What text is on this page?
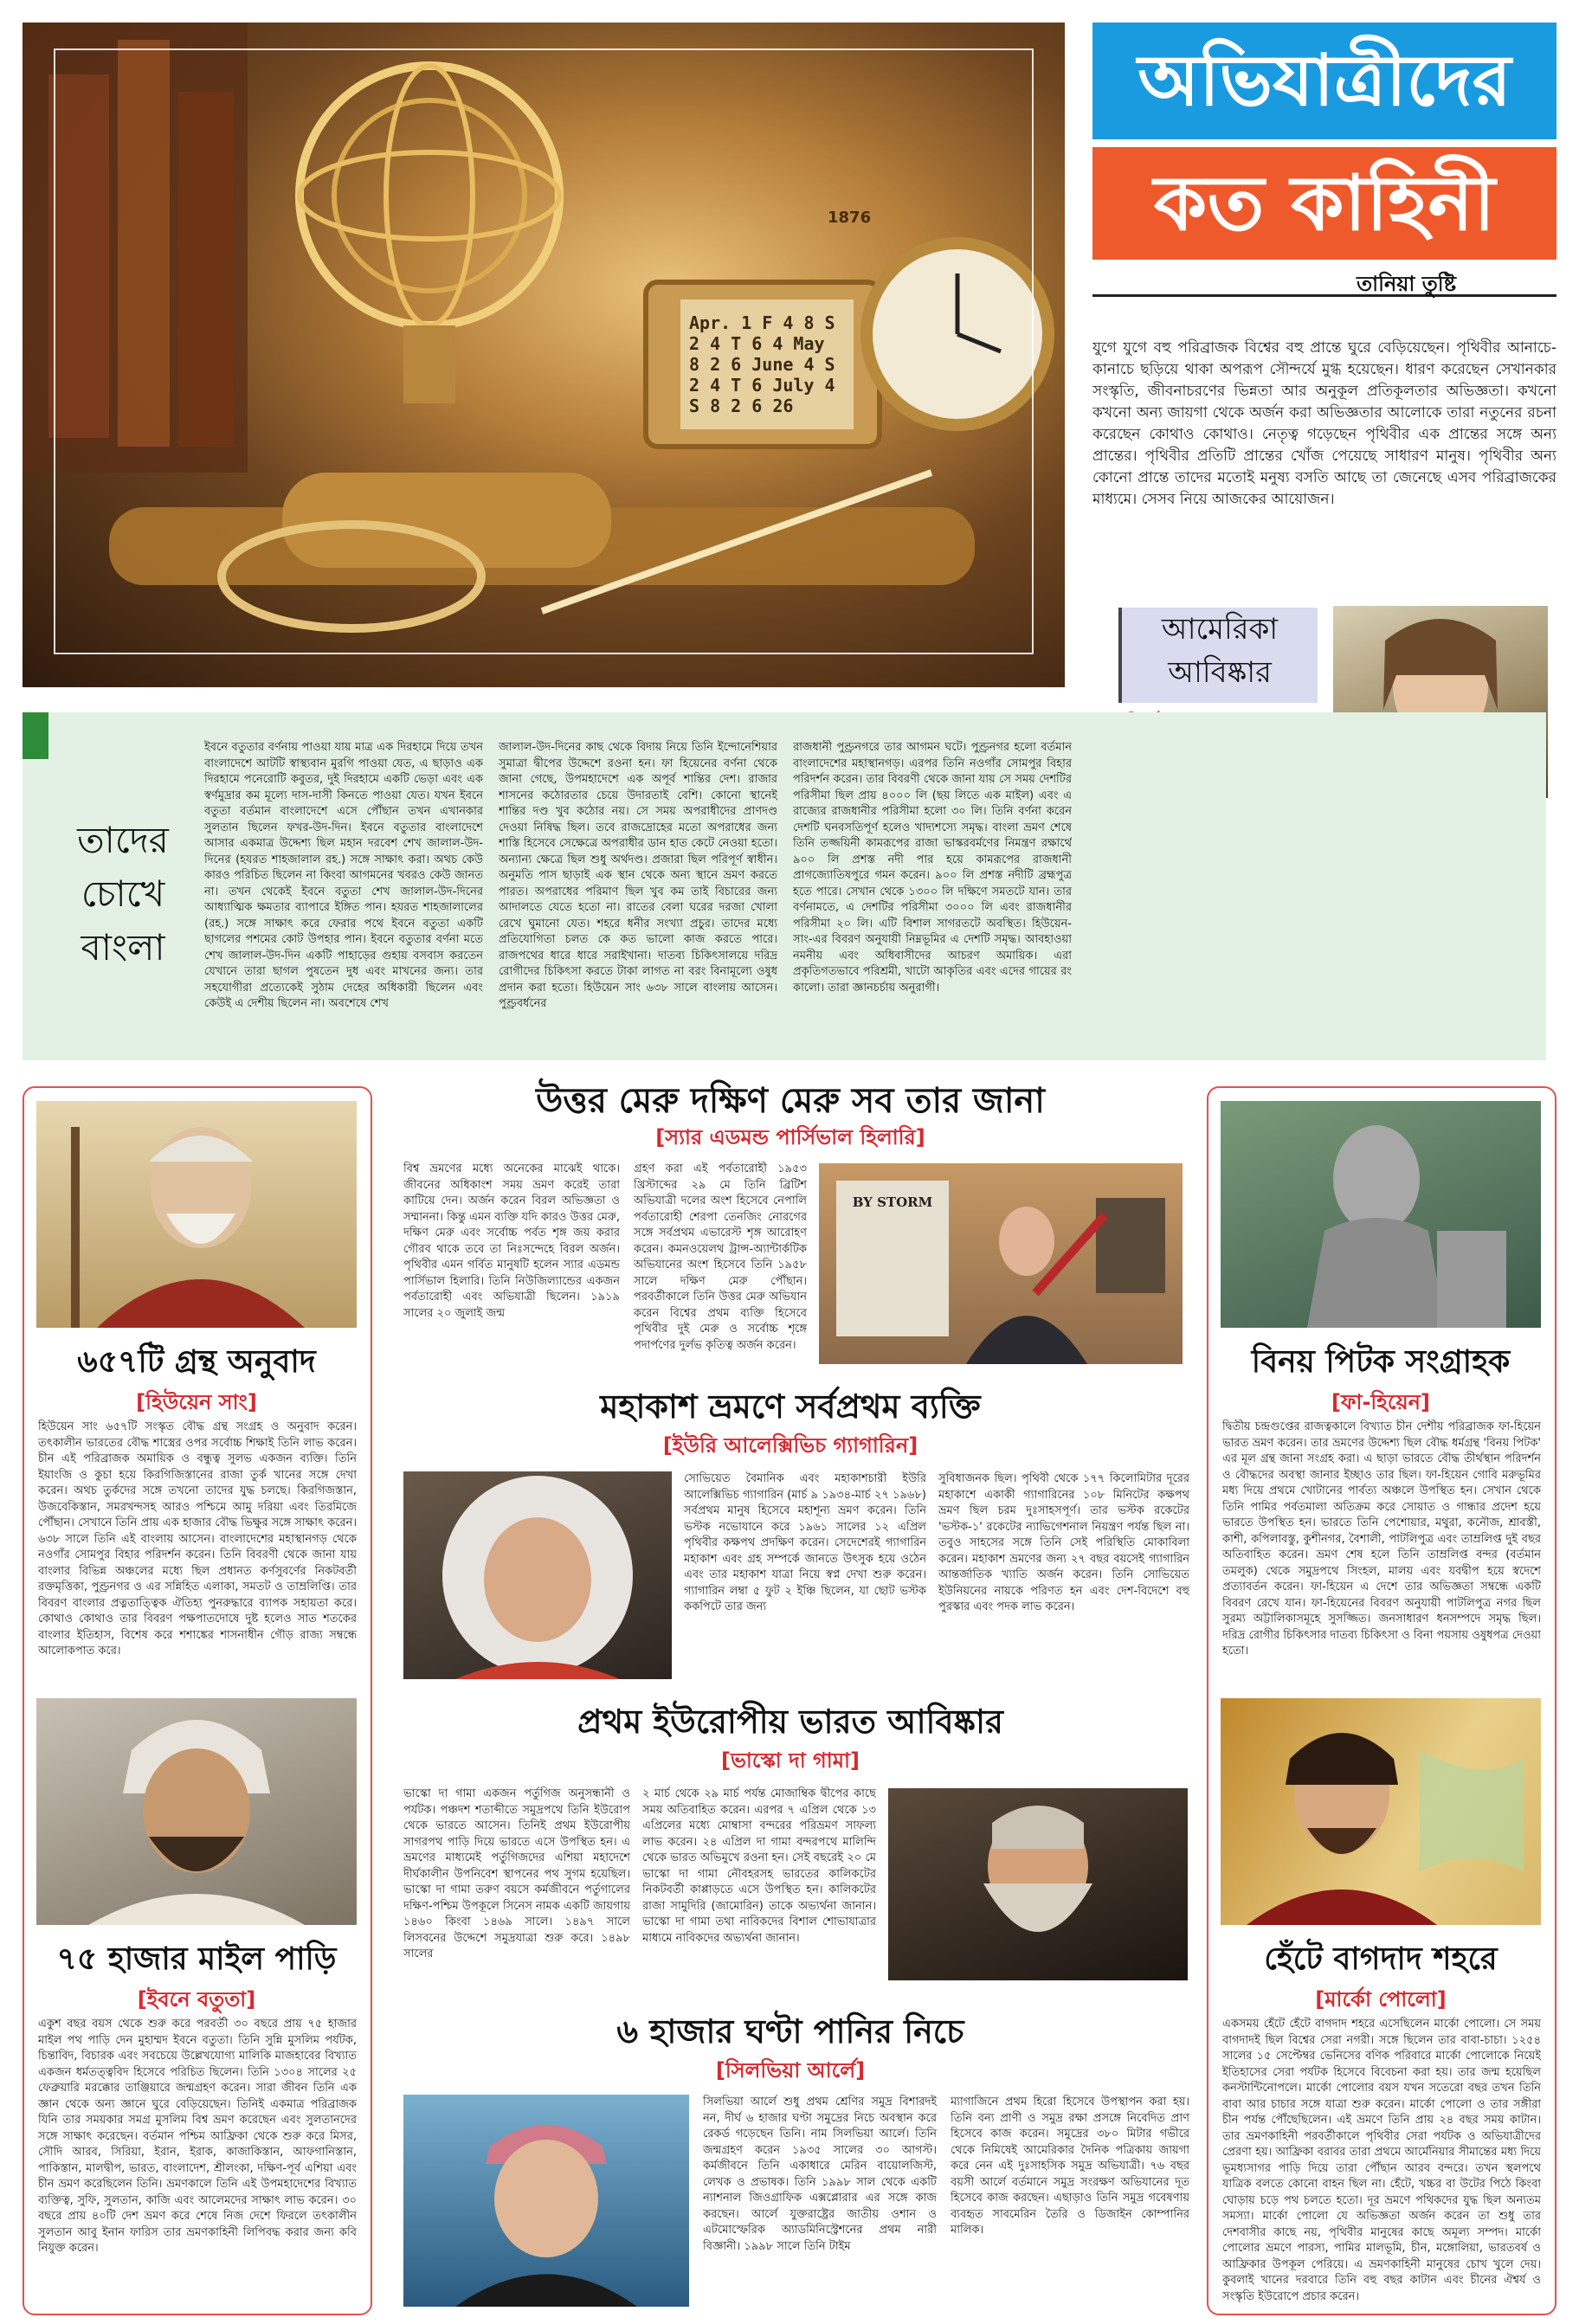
Apr. 1 F 4 8 S 2 4 T 6 4 May 8 2 6 June 4 S 2 4 T 6 July 4 S 8 2 6 26
1876
অভিযাত্রীদের
কত কাহিনী
তানিয়া তুষ্টি
যুগে যুগে বহু পরিব্রাজক বিশ্বের বহু প্রান্তে ঘুরে বেড়িয়েছেন। পৃথিবীর আনাচে-কানাচে ছড়িয়ে থাকা অপরূপ সৌন্দর্যে মুগ্ধ হয়েছেন। ধারণ করেছেন সেখানকার সংস্কৃতি, জীবনাচরণের ভিন্নতা আর অনুকূল প্রতিকূলতার অভিজ্ঞতা। কখনো কখনো অন্য জায়গা থেকে অর্জন করা অভিজ্ঞতার আলোকে তারা নতুনের রচনা করেছেন কোথাও কোথাও। নেতৃত্ব গড়েছেন পৃথিবীর এক প্রান্তের সঙ্গে অন্য প্রান্তের। পৃথিবীর প্রতিটি প্রান্তের খোঁজ পেয়েছে সাধারণ মানুষ। পৃথিবীর অন্য কোনো প্রান্তে তাদের মতোই মনুষ্য বসতি আছে তা জেনেছে এসব পরিব্রাজকের মাধ্যমে। সেসব নিয়ে আজকের আয়োজন।
আমেরিকা
আবিষ্কার
তাদের
চোখে
বাংলা
ইবনে বতুতার বর্ণনায় পাওয়া যায় মাত্র এক দিরহামে দিয়ে তখন বাংলাদেশে আটটি স্বাস্থ্যবান মুরগি পাওয়া যেত, এ ছাড়াও এক দিরহামে পনেরোটি কবুতর, দুই দিরহামে একটি ভেড়া এবং এক স্বর্ণমুদ্রার কম মূল্যে দাস-দাসী কিনতে পাওয়া যেত। যখন ইবনে বতুতা বর্তমান বাংলাদেশে এসে পৌঁছান তখন এখানকার সুলতান ছিলেন ফখর-উদ-দিন। ইবনে বতুতার বাংলাদেশে আসার একমাত্র উদ্দেশ্য ছিল মহান দরবেশ শেখ জালাল-উদ-দিনের (হযরত শাহজালাল রহ.) সঙ্গে সাক্ষাৎ করা। অথচ কেউ কারও পরিচিত ছিলেন না কিংবা আগমনের খবরও কেউ জানত না। তখন থেকেই ইবনে বতুতা শেখ জালাল-উদ-দিনের আধ্যাত্মিক ক্ষমতার ব্যাপারে ইঙ্গিত পান। হযরত শাহজালালের (রহ.) সঙ্গে সাক্ষাৎ করে ফেরার পথে ইবনে বতুতা একটি ছাগলের পশমের কোট উপহার পান। ইবনে বতুতার বর্ণনা মতে শেখ জালাল-উদ-দিন একটি পাহাড়ের গুহায় বসবাস করতেন যেখানে তারা ছাগল পুষতেন দুধ এবং মাখনের জন্য। তার সহযোগীরা প্রত্যেকেই সুঠাম দেহের অধিকারী ছিলেন এবং কেউই এ দেশীয় ছিলেন না। অবশেষে শেখ
জালাল-উদ-দিনের কাছ থেকে বিদায় নিয়ে তিনি ইন্দোনেশিয়ার সুমাত্রা দ্বীপের উদ্দেশে রওনা হন। ফা হিয়েনের বর্ণনা থেকে জানা গেছে, উপমহাদেশে এক অপূর্ব শান্তির দেশ। রাজার শাসনের কঠোরতার চেয়ে উদারতাই বেশি। কোনো স্থানেই শান্তির দণ্ড খুব কঠোর নয়। সে সময় অপরাধীদের প্রাণদণ্ড দেওয়া নিষিদ্ধ ছিল। তবে রাজদ্রোহের মতো অপরাধের জন্য শাস্তি হিসেবে সেক্ষেত্রে অপরাধীর ডান হাত কেটে নেওয়া হতো। অন্যান্য ক্ষেত্রে ছিল শুধু অর্থদণ্ড। প্রজারা ছিল পরিপূর্ণ স্বাধীন। অনুমতি পাস ছাড়াই এক স্থান থেকে অন্য স্থানে ভ্রমণ করতে পারত। অপরাধের পরিমাণ ছিল খুব কম তাই বিচারের জন্য আদালতে যেতে হতো না। রাতের বেলা ঘরের দরজা খোলা রেখে ঘুমানো যেত। শহরে ধনীর সংখ্যা প্রচুর। তাদের মধ্যে প্রতিযোগিতা চলত কে কত ভালো কাজ করতে পারে। রাজপথের ধারে ধারে সরাইখানা। দাতব্য চিকিৎসালয়ে দরিদ্র রোগীদের চিকিৎসা করতে টাকা লাগত না বরং বিনামূল্যে ওষুধ প্রদান করা হতো। হিউয়েন সাং ৬৩৮ সালে বাংলায় আসেন। পুণ্ড্রবর্ধনের
রাজধানী পুণ্ড্রনগরে তার আগমন ঘটে। পুণ্ড্রনগর হলো বর্তমান বাংলাদেশের মহাস্থানগড়। এরপর তিনি নওগাঁর সোমপুর বিহার পরিদর্শন করেন। তার বিবরণী থেকে জানা যায় সে সময় দেশটির পরিসীমা ছিল প্রায় ৪০০০ লি (ছয় লিতে এক মাইল) এবং এ রাজ্যের রাজধানীর পরিসীমা হলো ৩০ লি। তিনি বর্ণনা করেন দেশটি ঘনবসতিপূর্ণ হলেও খাদ্যশস্যে সমৃদ্ধ। বাংলা ভ্রমণ শেষে তিনি তজ্জয়িনী কামরূপের রাজা ভাস্করবর্মণের নিমন্ত্রণ রক্ষার্থে ৯০০ লি প্রশস্ত নদী পার হয়ে কামরূপের রাজধানী প্রাগজ্যোতিষপুরে গমন করেন। ৯০০ লি প্রশস্ত নদীটি ব্রহ্মপুত্র হতে পারে। সেখান থেকে ১৩০০ লি দক্ষিণে সমতটে যান। তার বর্ণনামতে, এ দেশটির পরিসীমা ৩০০০ লি এবং রাজধানীর পরিসীমা ২০ লি। এটি বিশাল সাগরতটে অবস্থিত। হিউয়েন-সাং-এর বিবরণ অনুযায়ী নিম্নভূমির এ দেশটি সমৃদ্ধ। আবহাওয়া নমনীয় এবং অধিবাসীদের আচরণ অমায়িক। এরা প্রকৃতিগতভাবে পরিশ্রমী, খাটো আকৃতির এবং এদের গায়ের রং কালো। তারা জ্ঞানচর্চায় অনুরাগী।
৬৫৭টি গ্রন্থ অনুবাদ
[হিউয়েন সাং]
হিউয়েন সাং ৬৫৭টি সংস্কৃত বৌদ্ধ গ্রন্থ সংগ্রহ ও অনুবাদ করেন। তৎকালীন ভারতের বৌদ্ধ শাস্ত্রের ওপর সর্বোচ্চ শিক্ষাই তিনি লাভ করেন। চীন এই পরিব্রাজক অমায়িক ও বন্ধুত্ব সুলভ একজন ব্যক্তি। তিনি ইয়াংজি ও কুচা হয়ে কিরগিজিস্তানের রাজা তুর্ক খানের সঙ্গে দেখা করেন। অথচ তুর্কদের সঙ্গে তখনো তাদের যুদ্ধ চলছে। কিরগিজস্তান, উজবেকিস্তান, সমরখন্দসহ আরও পশ্চিমে আমু দরিয়া এবং তিরমিজে পৌঁছান। সেখানে তিনি প্রায় এক হাজার বৌদ্ধ ভিক্ষুর সঙ্গে সাক্ষাৎ করেন। ৬৩৮ সালে তিনি এই বাংলায় আসেন। বাংলাদেশের মহাস্থানগড় থেকে নওগাঁর সোমপুর বিহার পরিদর্শন করেন। তিনি বিবরণী থেকে জানা যায় বাংলার বিভিন্ন অঞ্চলের মধ্যে ছিল প্রধানত কর্ণসুবর্ণের নিকটবর্তী রক্তমৃত্তিকা, পুণ্ড্রনগর ও এর সন্নিহিত এলাকা, সমতট ও তাম্রলিপ্তি। তার বিবরণ বাংলার প্রত্নতাত্ত্বিক ঐতিহ্য পুনরুদ্ধারে ব্যাপক সহায়তা করে। কোথাও কোথাও তার বিবরণ পক্ষপাতদোষে দুষ্ট হলেও সাত শতকের বাংলার ইতিহাস, বিশেষ করে শশাঙ্কের শাসনাধীন গৌড় রাজ্য সম্বন্ধে আলোকপাত করে।
৭৫ হাজার মাইল পাড়ি
[ইবনে বতুতা]
একুশ বছর বয়স থেকে শুরু করে পরবর্তী ৩০ বছরে প্রায় ৭৫ হাজার মাইল পথ পাড়ি দেন মুহাম্মদ ইবনে বতুতা। তিনি সুন্নি মুসলিম পর্যটক, চিন্তাবিদ, বিচারক এবং সবচেয়ে উল্লেখযোগ্য মালিকি মাজহাবের বিখ্যাত একজন ধর্মতত্ত্ববিদ হিসেবে পরিচিত ছিলেন। তিনি ১৩০৪ সালের ২৫ ফেব্রুয়ারি মরক্কোর তাঞ্জিয়ারে জন্মগ্রহণ করেন। সারা জীবন তিনি এক জ্ঞান থেকে অন্য জ্ঞানে ঘুরে বেড়িয়েছেন। তিনিই একমাত্র পরিব্রাজক যিনি তার সময়কার সমগ্র মুসলিম বিশ্ব ভ্রমণ করেছেন এবং সুলতানদের সঙ্গে সাক্ষাৎ করেছেন। বর্তমান পশ্চিম আফ্রিকা থেকে শুরু করে মিসর, সৌদি আরব, সিরিয়া, ইরান, ইরাক, কাজাকিস্তান, আফগানিস্তান, পাকিস্তান, মালদ্বীপ, ভারত, বাংলাদেশ, শ্রীলংকা, দক্ষিণ-পূর্ব এশিয়া এবং চীন ভ্রমণ করেছিলেন তিনি। ভ্রমণকালে তিনি এই উপমহাদেশের বিখ্যাত ব্যক্তিত্ব, সুফি, সুলতান, কাজি এবং আলেমদের সাক্ষাৎ লাভ করেন। ৩০ বছরে প্রায় ৪০টি দেশ ভ্রমণ করে শেষে নিজ দেশে ফিরলে তৎকালীন সুলতান আবু ইনান ফারিস তার ভ্রমণকাহিনী লিপিবদ্ধ করার জন্য কবি নিযুক্ত করেন।
বিনয় পিটক সংগ্রাহক
[ফা-হিয়েন]
দ্বিতীয় চন্দ্রগুপ্তের রাজত্বকালে বিখ্যাত চীন দেশীয় পরিব্রাজক ফা-হিয়েন ভারত ভ্রমণ করেন। তার ভ্রমণের উদ্দেশ্য ছিল বৌদ্ধ ধর্মগ্রন্থ 'বিনয় পিটক' এর মূল গ্রন্থ জানা সংগ্রহ করা। এ ছাড়া ভারতে বৌদ্ধ তীর্থস্থান পরিদর্শন ও বৌদ্ধদের অবস্থা জানার ইচ্ছাও তার ছিল। ফা-হিয়েন গোবি মরুভূমির মধ্য দিয়ে প্রথমে খোটানের পার্বত্য অঞ্চলে উপস্থিত হন। সেখান থেকে তিনি পামির পর্বতমালা অতিক্রম করে সোয়াত ও গান্ধার প্রদেশ হয়ে ভারতে উপস্থিত হন। ভারতে তিনি পেশোয়ার, মথুরা, কনৌজ, শ্রাবস্তী, কাশী, কপিলাবস্তু, কুশীনগর, বৈশালী, পাটলিপুত্র এবং তাম্রলিপ্ত দুই বছর অতিবাহিত করেন। ভ্রমণ শেষ হলে তিনি তাম্রলিপ্ত বন্দর (বর্তমান তমলুক) থেকে সমুদ্রপথে সিংহল, মালয় এবং যবদ্বীপ হয়ে স্বদেশে প্রত্যাবর্তন করেন। ফা-হিয়েন এ দেশে তার অভিজ্ঞতা সম্বন্ধে একটি বিবরণ রেখে যান। ফা-হিয়েনের বিবরণ অনুযায়ী পাটলিপুত্র নগর ছিল সুরম্য অট্টালিকাসমূহে সুসজ্জিত। জনসাধারণ ধনসম্পদে সমৃদ্ধ ছিল। দরিদ্র রোগীর চিকিৎসার দাতব্য চিকিৎসা ও বিনা পয়সায় ওষুধপত্র দেওয়া হতো।
হেঁটে বাগদাদ শহরে
[মার্কো পোলো]
একসময় হেঁটে হেঁটে বাগদাদ শহরে এসেছিলেন মার্কো পোলো। সে সময় বাগদাদই ছিল বিশ্বের সেরা নগরী। সঙ্গে ছিলেন তার বাবা-চাচা। ১২৫৪ সালের ১৫ সেপ্টেম্বর ভেনিসের বণিক পরিবারে মার্কো পোলোকে নিয়েই ইতিহাসের সেরা পর্যটক হিসেবে বিবেচনা করা হয়। তার জন্ম হয়েছিল কনস্টান্টিনোপলে। মার্কো পোলোর বয়স যখন সতেরো বছর তখন তিনি বাবা আর চাচার সঙ্গে যাত্রা শুরু করেন। মার্কো পোলো ও তার সঙ্গীরা চীন পর্যন্ত পৌঁছেছিলেন। এই ভ্রমণে তিনি প্রায় ২৪ বছর সময় কাটান। তার ভ্রমণকাহিনী পরবর্তীকালে পৃথিবীর সেরা পর্যটক ও অভিযাত্রীদের প্রেরণা হয়। আফ্রিকা বরাবর তারা প্রথমে আর্মেনিয়ার সীমান্তের মধ্য দিয়ে ভূমধ্যসাগর পাড়ি দিয়ে তারা পৌঁছান আরব বন্দরে। তখন স্থলপথে যাত্রিক বলতে কোনো বাহন ছিল না। হেঁটে, খচ্চর বা উটের পিঠে কিংবা ঘোড়ায় চড়ে পথ চলতে হতো। দূর ভ্রমণে পথিকদের যুদ্ধ ছিল অন্যতম সমস্যা। মার্কো পোলো যে অভিজ্ঞতা অর্জন করেন তা শুধু তার দেশবাসীর কাছে নয়, পৃথিবীর মানুষের কাছে অমূল্য সম্পদ। মার্কো পোলোর ভ্রমণে পারস্য, পামির মালভূমি, চীন, মঙ্গোলিয়া, ভারতবর্ষ ও আফ্রিকার উপকূল পেরিয়ে। এ ভ্রমণকাহিনী মানুষের চোখ খুলে দেয়। কুবলাই খানের দরবারে তিনি বহু বছর কাটান এবং চীনের ঐশ্বর্য ও সংস্কৃতি ইউরোপে প্রচার করেন।
উত্তর মেরু দক্ষিণ মেরু সব তার জানা
[স্যার এডমন্ড পার্সিভাল হিলারি]
বিশ্ব ভ্রমণের মধ্যে অনেকের মাঝেই থাকে। জীবনের অধিকাংশ সময় ভ্রমণ করেই তারা কাটিয়ে দেন। অর্জন করেন বিরল অভিজ্ঞতা ও সম্মাননা। কিন্তু এমন ব্যক্তি যদি কারও উত্তর মেরু, দক্ষিণ মেরু এবং সর্বোচ্চ পর্বত শৃঙ্গ জয় করার গৌরব থাকে তবে তা নিঃসন্দেহে বিরল অর্জন। পৃথিবীর এমন গর্বিত মানুষটি হলেন স্যার এডমন্ড পার্সিভাল হিলারি। তিনি নিউজিল্যান্ডের একজন পর্বতারোহী এবং অভিযাত্রী ছিলেন। ১৯১৯ সালের ২০ জুলাই জন্ম
গ্রহণ করা এই পর্বতারোহী ১৯৫৩ খ্রিস্টাব্দের ২৯ মে তিনি ব্রিটিশ অভিযাত্রী দলের অংশ হিসেবে নেপালি পর্বতারোহী শেরপা তেনজিং নোরগের সঙ্গে সর্বপ্রথম এভারেস্ট শৃঙ্গ আরোহণ করেন। কমনওয়েলথ ট্রান্স-অ্যান্টার্কটিক অভিযানের অংশ হিসেবে তিনি ১৯৫৮ সালে দক্ষিণ মেরু পৌঁছান। পরবর্তীকালে তিনি উত্তর মেরু অভিযান করেন বিশ্বের প্রথম ব্যক্তি হিসেবে পৃথিবীর দুই মেরু ও সর্বোচ্চ শৃঙ্গে পদার্পণের দুর্লভ কৃতিত্ব অর্জন করেন।
BY STORM
মহাকাশ ভ্রমণে সর্বপ্রথম ব্যক্তি
[ইউরি আলেক্সিভিচ গ্যাগারিন]
সোভিয়েত বৈমানিক এবং মহাকাশচারী ইউরি আলেক্সিভিচ গ্যাগারিন (মার্চ ৯ ১৯৩৪-মার্চ ২৭ ১৯৬৮) সর্বপ্রথম মানুষ হিসেবে মহাশূন্য ভ্রমণ করেন। তিনি ভস্টক নভোযানে করে ১৯৬১ সালের ১২ এপ্রিল পৃথিবীর কক্ষপথ প্রদক্ষিণ করেন। সেদেশেরই গ্যাগারিন মহাকাশ এবং গ্রহ সম্পর্কে জানতে উৎসুক হয়ে ওঠেন এবং তার মহাকাশ যাত্রা নিয়ে স্বপ্ন দেখা শুরু করেন। গ্যাগারিন লম্বা ৫ ফুট ২ ইঞ্চি ছিলেন, যা ছোট ভস্টক ককপিটে তার জন্য
সুবিধাজনক ছিল। পৃথিবী থেকে ১৭৭ কিলোমিটার দূরের মহাকাশে একাকী গ্যাগারিনের ১০৮ মিনিটের কক্ষপথ ভ্রমণ ছিল চরম দুঃসাহসপূর্ণ। তার ভস্টক রকেটের 'ভস্টক-১' রকেটের ন্যাভিগেশনাল নিয়ন্ত্রণ পর্যন্ত ছিল না। তবুও সাহসের সঙ্গে তিনি সেই পরিস্থিতি মোকাবিলা করেন। মহাকাশ ভ্রমণের জন্য ২৭ বছর বয়সেই গ্যাগারিন আন্তর্জাতিক খ্যাতি অর্জন করেন। তিনি সোভিয়েত ইউনিয়নের নায়কে পরিণত হন এবং দেশ-বিদেশে বহু পুরস্কার এবং পদক লাভ করেন।
প্রথম ইউরোপীয় ভারত আবিষ্কার
[ভাস্কো দা গামা]
ভাস্কো দা গামা একজন পর্তুগিজ অনুসন্ধানী ও পর্যটক। পঞ্চদশ শতাব্দীতে সমুদ্রপথে তিনি ইউরোপ থেকে ভারতে আসেন। তিনিই প্রথম ইউরোপীয় সাগরপথ পাড়ি দিয়ে ভারতে এসে উপস্থিত হন। এ ভ্রমণের মাধ্যমেই পর্তুগিজদের এশিয়া মহাদেশে দীর্ঘকালীন উপনিবেশ স্থাপনের পথ সুগম হয়েছিল। ভাস্কো দা গামা তরুণ বয়সে কর্মজীবনে পর্তুগালের দক্ষিণ-পশ্চিম উপকূলে সিনেস নামক একটি জায়গায় ১৪৬০ কিংবা ১৪৬৯ সালে। ১৪৯৭ সালে লিসবনের উদ্দেশে সমুদ্রযাত্রা শুরু করে। ১৪৯৮ সালের
২ মার্চ থেকে ২৯ মার্চ পর্যন্ত মোজাম্বিক দ্বীপের কাছে সময় অতিবাহিত করেন। এরপর ৭ এপ্রিল থেকে ১৩ এপ্রিলের মধ্যে মোম্বাসা বন্দরের পরিভ্রমণ সাফল্য লাভ করেন। ২৪ এপ্রিল দা গামা বন্দরপথে মালিন্দি থেকে ভারত অভিমুখে রওনা হন। সেই বছরেই ২০ মে ভাস্কো দা গামা নৌবহরসহ ভারতের কালিকটের নিকটবর্তী কাপ্পাড়তে এসে উপস্থিত হন। কালিকটের রাজা সামুদিরি (জামোরিন) তাকে অভ্যর্থনা জানান। ভাস্কো দা গামা তথা নাবিকদের বিশাল শোভাযাত্রার মাধ্যমে নাবিকদের অভ্যর্থনা জানান।
৬ হাজার ঘণ্টা পানির নিচে
[সিলভিয়া আর্লে]
সিলভিয়া আর্লে শুধু প্রথম শ্রেণির সমুদ্র বিশারদই নন, দীর্ঘ ৬ হাজার ঘণ্টা সমুদ্রের নিচে অবস্থান করে রেকর্ড গড়েছেন তিনি। নাম সিলভিয়া আর্লে। তিনি জন্মগ্রহণ করেন ১৯৩৫ সালের ৩০ আগস্ট। কর্মজীবনে তিনি একাধারে মেরিন বায়োলজিস্ট, লেখক ও প্রভাষক। তিনি ১৯৯৮ সাল থেকে একটি ন্যাশনাল জিওগ্রাফিক এক্সপ্লোরার এর সঙ্গে কাজ করছেন। আর্লে যুক্তরাষ্ট্রের জাতীয় ওশান ও এটমোস্ফেরিক অ্যাডমিনিস্ট্রেশনের প্রথম নারী বিজ্ঞানী। ১৯৯৮ সালে তিনি টাইম
ম্যাগাজিনে প্রথম হিরো হিসেবে উপস্থাপন করা হয়। তিনি বন্য প্রাণী ও সমুদ্র রক্ষা প্রসঙ্গে নিবেদিত প্রাণ হিসেবে কাজ করেন। সমুদ্রের ৩৮০ মিটার গভীরে থেকে নিমিষেই আমেরিকার দৈনিক পত্রিকায় জায়গা করে নেন এই দুঃসাহসিক সমুদ্র অভিযাত্রী। ৭৬ বছর বয়সী আর্লে বর্তমানে সমুদ্র সংরক্ষণ অভিযানের দূত হিসেবে কাজ করছেন। এছাড়াও তিনি সমুদ্র গবেষণায় ব্যবহৃত সাবমেরিন তৈরি ও ডিজাইন কোম্পানির মালিক।
